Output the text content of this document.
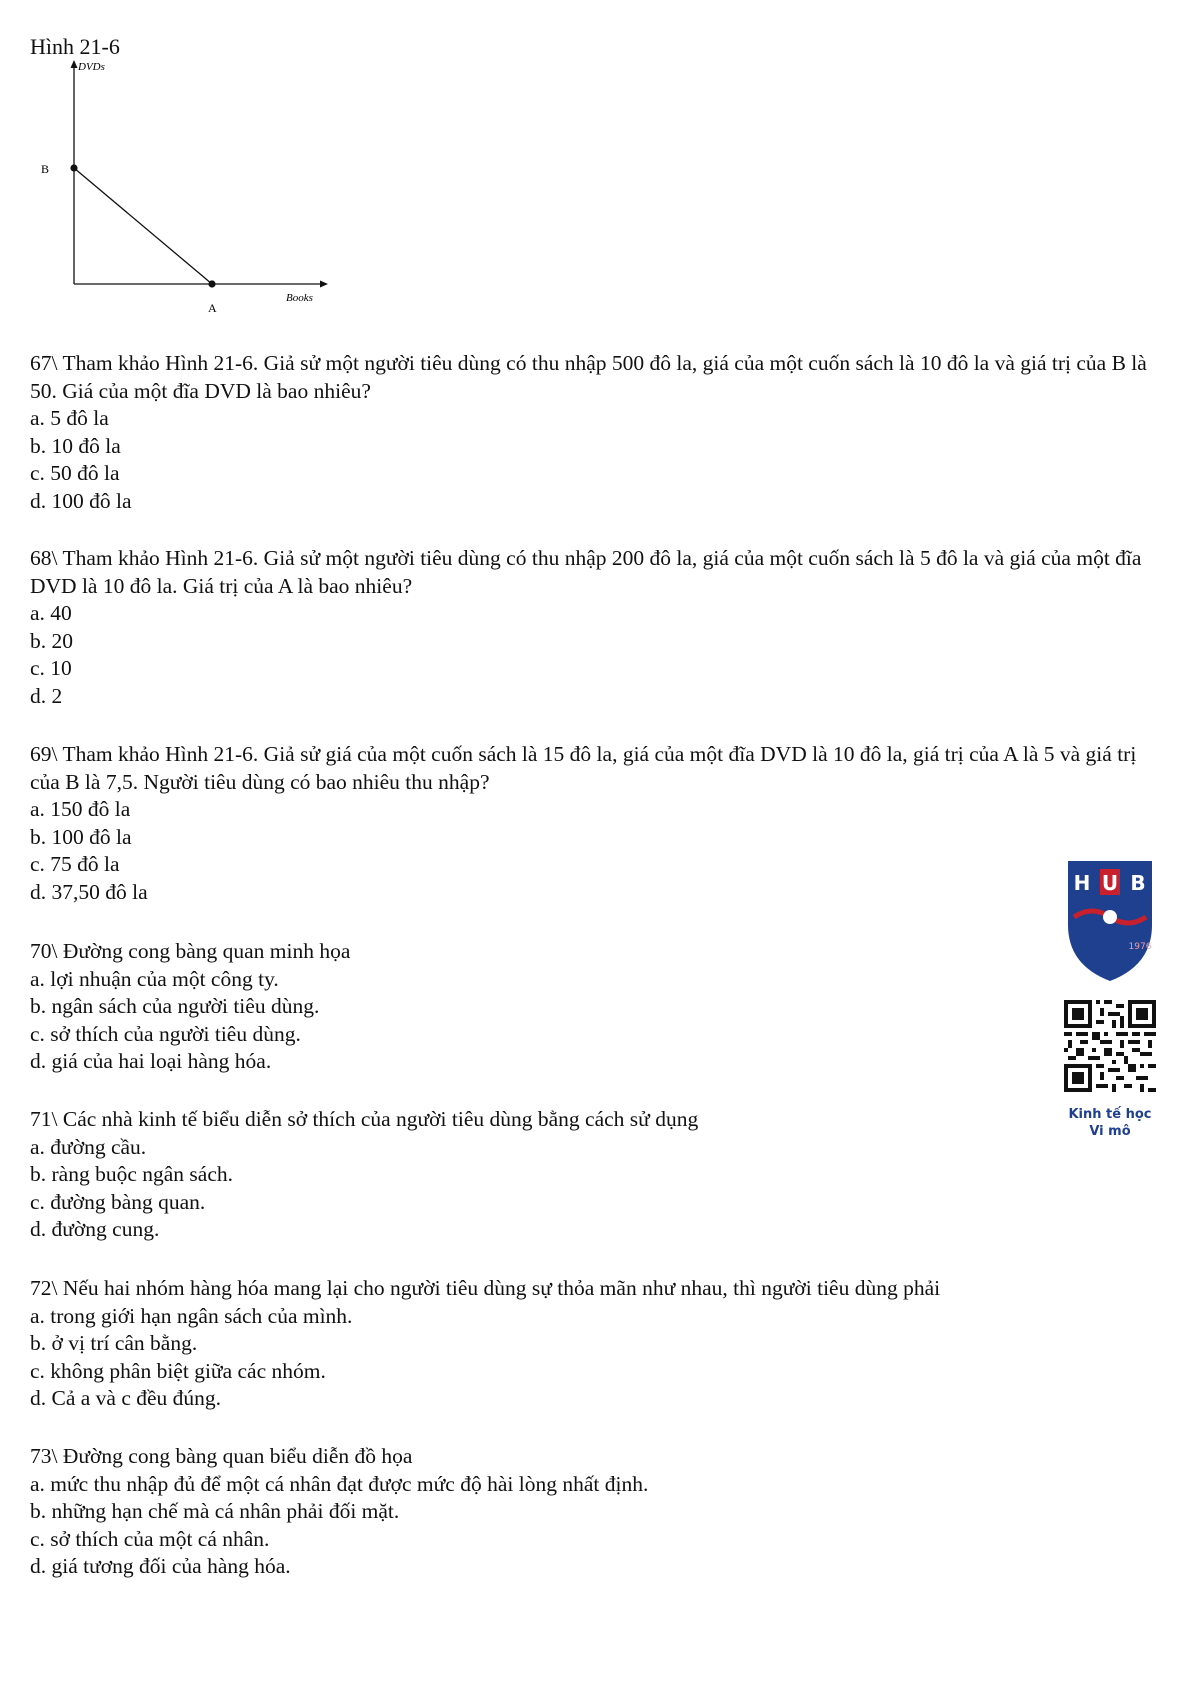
Hình 21-6
DVDs
Books
B
A

67\ Tham khảo Hình 21-6. Giả sử một người tiêu dùng có thu nhập 500 đô la, giá của một cuốn sách là 10 đô la và giá trị của B là 50. Giá của một đĩa DVD là bao nhiêu?

a. 5 đô la

b. 10 đô la

c. 50 đô la

d. 100 đô la

68\ Tham khảo Hình 21-6. Giả sử một người tiêu dùng có thu nhập 200 đô la, giá của một cuốn sách là 5 đô la và giá của một đĩa DVD là 10 đô la. Giá trị của A là bao nhiêu?

a. 40

b. 20

c. 10

d. 2

69\ Tham khảo Hình 21-6. Giả sử giá của một cuốn sách là 15 đô la, giá của một đĩa DVD là 10 đô la, giá trị của A là 5 và giá trị của B là 7,5. Người tiêu dùng có bao nhiêu thu nhập?

a. 150 đô la

b. 100 đô la

c. 75 đô la

d. 37,50 đô la

70\ Đường cong bàng quan minh họa

a. lợi nhuận của một công ty.

b. ngân sách của người tiêu dùng.

c. sở thích của người tiêu dùng.

d. giá của hai loại hàng hóa.

71\ Các nhà kinh tế biểu diễn sở thích của người tiêu dùng bằng cách sử dụng

a. đường cầu.

b. ràng buộc ngân sách.

c. đường bàng quan.

d. đường cung.

72\ Nếu hai nhóm hàng hóa mang lại cho người tiêu dùng sự thỏa mãn như nhau, thì người tiêu dùng phải

a. trong giới hạn ngân sách của mình.

b. ở vị trí cân bằng.

c. không phân biệt giữa các nhóm.

d. Cả a và c đều đúng.

73\ Đường cong bàng quan biểu diễn đồ họa

a. mức thu nhập đủ để một cá nhân đạt được mức độ hài lòng nhất định.

b. những hạn chế mà cá nhân phải đối mặt.

c. sở thích của một cá nhân.

d. giá tương đối của hàng hóa.

H U B
1976
Kinh tế học
Vi mô
